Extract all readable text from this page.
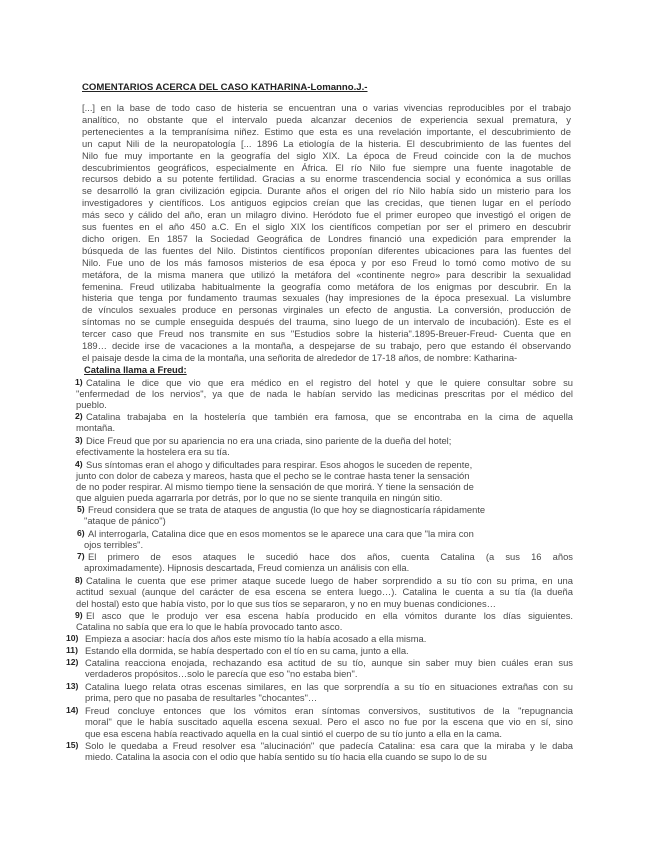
COMENTARIOS ACERCA DEL CASO KATHARINA-Lomanno.J.-
[...] en la base de todo caso de histeria se encuentran una o varias vivencias reproducibles por el trabajo
analítico, no obstante que el intervalo pueda alcanzar decenios de experiencia sexual prematura, y
pertenecientes a la tempranísima niñez. Estimo que esta es una revelación importante, el descubrimiento de
un caput Nili de la neuropatología [... 1896 La etiología de la histeria. El descubrimiento de las fuentes del
Nilo fue muy importante en la geografía del siglo XIX. La época de Freud coincide con la de muchos
descubrimientos geográficos, especialmente en África. El río Nilo fue siempre una fuente inagotable de
recursos debido a su potente fertilidad. Gracias a su enorme trascendencia social y económica a sus orillas
se desarrolló la gran civilización egipcia. Durante años el origen del río Nilo había sido un misterio para los
investigadores y científicos. Los antiguos egipcios creían que las crecidas, que tienen lugar en el período
más seco y cálido del año, eran un milagro divino. Heródoto fue el primer europeo que investigó el origen de
sus fuentes en el año 450 a.C. En el siglo XIX los científicos competían por ser el primero en descubrir
dicho origen. En 1857 la Sociedad Geográfica de Londres financió una expedición para emprender la
búsqueda de las fuentes del Nilo. Distintos científicos proponían diferentes ubicaciones para las fuentes del
Nilo. Fue uno de los más famosos misterios de esa época y por eso Freud lo tomó como motivo de su
metáfora, de la misma manera que utilizó la metáfora del «continente negro» para describir la sexualidad
femenina. Freud utilizaba habitualmente la geografía como metáfora de los enigmas por descubrir. En la
histeria que tenga por fundamento traumas sexuales (hay impresiones de la época presexual. La vislumbre
de vínculos sexuales produce en personas virginales un efecto de angustia. La conversión, producción de
síntomas no se cumple enseguida después del trauma, sino luego de un intervalo de incubación). Este es el
tercer caso que Freud nos transmite en sus "Estudios sobre la histeria".1895-Breuer-Freud- Cuenta que en
189… decide irse de vacaciones a la montaña, a despejarse de su trabajo, pero que estando él observando
el paisaje desde la cima de la montaña, una señorita de alrededor de 17-18 años, de nombre: Katharina-
Catalina llama a Freud:
1) Catalina le dice que vio que era médico en el registro del hotel y que le quiere consultar sobre su
"enfermedad de los nervios", ya que de nada le habían servido las medicinas prescritas por el médico del
pueblo.
2) Catalina trabajaba en la hostelería que también era famosa, que se encontraba en la cima de aquella
montaña.
3) Dice Freud que por su apariencia no era una criada, sino pariente de la dueña del hotel;
efectivamente la hostelera era su tía.
4) Sus síntomas eran el ahogo y dificultades para respirar. Esos ahogos le suceden de repente,
junto con dolor de cabeza y mareos, hasta que el pecho se le contrae hasta tener la sensación
de no poder respirar. Al mismo tiempo tiene la sensación de que morirá. Y tiene la sensación de
que alguien pueda agarrarla por detrás, por lo que no se siente tranquila en ningún sitio.
5) Freud considera que se trata de ataques de angustia (lo que hoy se diagnosticaría rápidamente
"ataque de pánico")
6) Al interrogarla, Catalina dice que en esos momentos se le aparece una cara que "la mira con
ojos terribles".
7) El primero de esos ataques le sucedió hace dos años, cuenta Catalina (a sus 16 años
aproximadamente). Hipnosis descartada, Freud comienza un análisis con ella.
8) Catalina le cuenta que ese primer ataque sucede luego de haber sorprendido a su tío con su prima, en una
actitud sexual (aunque del carácter de esa escena se entera luego…). Catalina le cuenta a su tía (la dueña
del hostal) esto que había visto, por lo que sus tíos se separaron, y no en muy buenas condiciones…
9) El asco que le produjo ver esa escena había producido en ella vómitos durante los días siguientes.
Catalina no sabía que era lo que le había provocado tanto asco.
10) Empieza a asociar: hacía dos años este mismo tío la había acosado a ella misma.
11) Estando ella dormida, se había despertado con el tío en su cama, junto a ella.
12) Catalina reacciona enojada, rechazando esa actitud de su tío, aunque sin saber muy bien cuáles eran sus
verdaderos propósitos…solo le parecía que eso "no estaba bien".
13) Catalina luego relata otras escenas similares, en las que sorprendía a su tío en situaciones extrañas con su
prima, pero que no pasaba de resultarles "chocantes"…
14) Freud concluye entonces que los vómitos eran síntomas conversivos, sustitutivos de la "repugnancia
moral" que le había suscitado aquella escena sexual. Pero el asco no fue por la escena que vio en sí, sino
que esa escena había reactivado aquella en la cual sintió el cuerpo de su tío junto a ella en la cama.
15) Solo le quedaba a Freud resolver esa "alucinación" que padecía Catalina: esa cara que la miraba y le daba
miedo. Catalina la asocia con el odio que había sentido su tío hacia ella cuando se supo lo de su
